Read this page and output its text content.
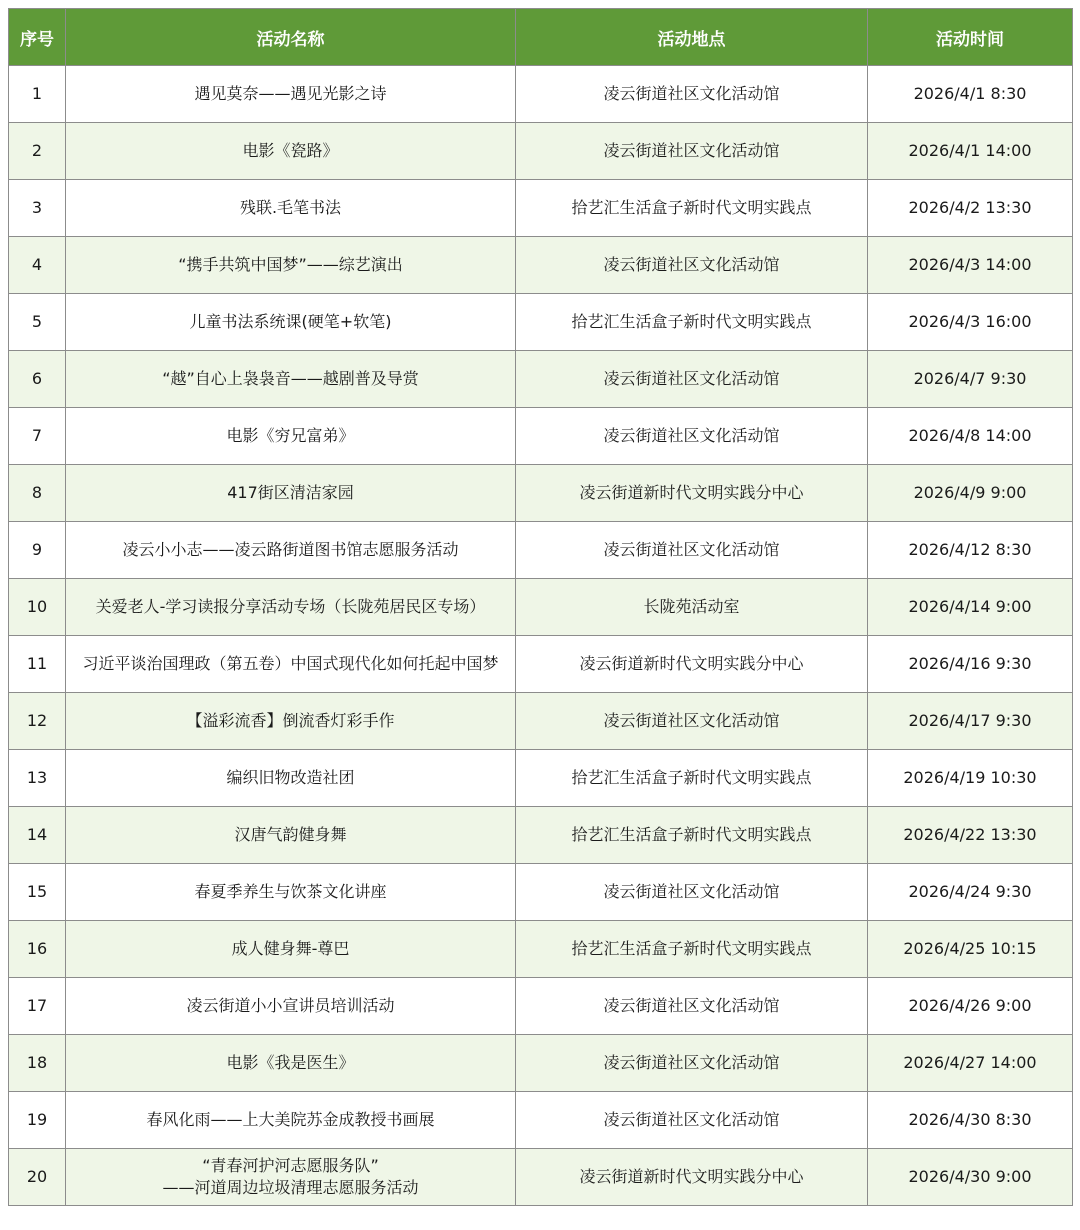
序号	活动名称	活动地点	活动时间
1	遇见莫奈——遇见光影之诗	凌云街道社区文化活动馆	2026/4/1 8:30
2	电影《瓷路》	凌云街道社区文化活动馆	2026/4/1 14:00
3	残联.毛笔书法	拾艺汇生活盒子新时代文明实践点	2026/4/2 13:30
4	“携手共筑中国梦”——综艺演出	凌云街道社区文化活动馆	2026/4/3 14:00
5	儿童书法系统课(硬笔+软笔)	拾艺汇生活盒子新时代文明实践点	2026/4/3 16:00
6	“越”自心上袅袅音——越剧普及导赏	凌云街道社区文化活动馆	2026/4/7 9:30
7	电影《穷兄富弟》	凌云街道社区文化活动馆	2026/4/8 14:00
8	417街区清洁家园	凌云街道新时代文明实践分中心	2026/4/9 9:00
9	凌云小小志——凌云路街道图书馆志愿服务活动	凌云街道社区文化活动馆	2026/4/12 8:30
10	关爱老人-学习读报分享活动专场（长陇苑居民区专场）	长陇苑活动室	2026/4/14 9:00
11	习近平谈治国理政（第五卷）中国式现代化如何托起中国梦	凌云街道新时代文明实践分中心	2026/4/16 9:30
12	【溢彩流香】倒流香灯彩手作	凌云街道社区文化活动馆	2026/4/17 9:30
13	编织旧物改造社团	拾艺汇生活盒子新时代文明实践点	2026/4/19 10:30
14	汉唐气韵健身舞	拾艺汇生活盒子新时代文明实践点	2026/4/22 13:30
15	春夏季养生与饮茶文化讲座	凌云街道社区文化活动馆	2026/4/24 9:30
16	成人健身舞-尊巴	拾艺汇生活盒子新时代文明实践点	2026/4/25 10:15
17	凌云街道小小宣讲员培训活动	凌云街道社区文化活动馆	2026/4/26 9:00
18	电影《我是医生》	凌云街道社区文化活动馆	2026/4/27 14:00
19	春风化雨——上大美院苏金成教授书画展	凌云街道社区文化活动馆	2026/4/30 8:30
20	“青春河护河志愿服务队”
——河道周边垃圾清理志愿服务活动	凌云街道新时代文明实践分中心	2026/4/30 9:00
